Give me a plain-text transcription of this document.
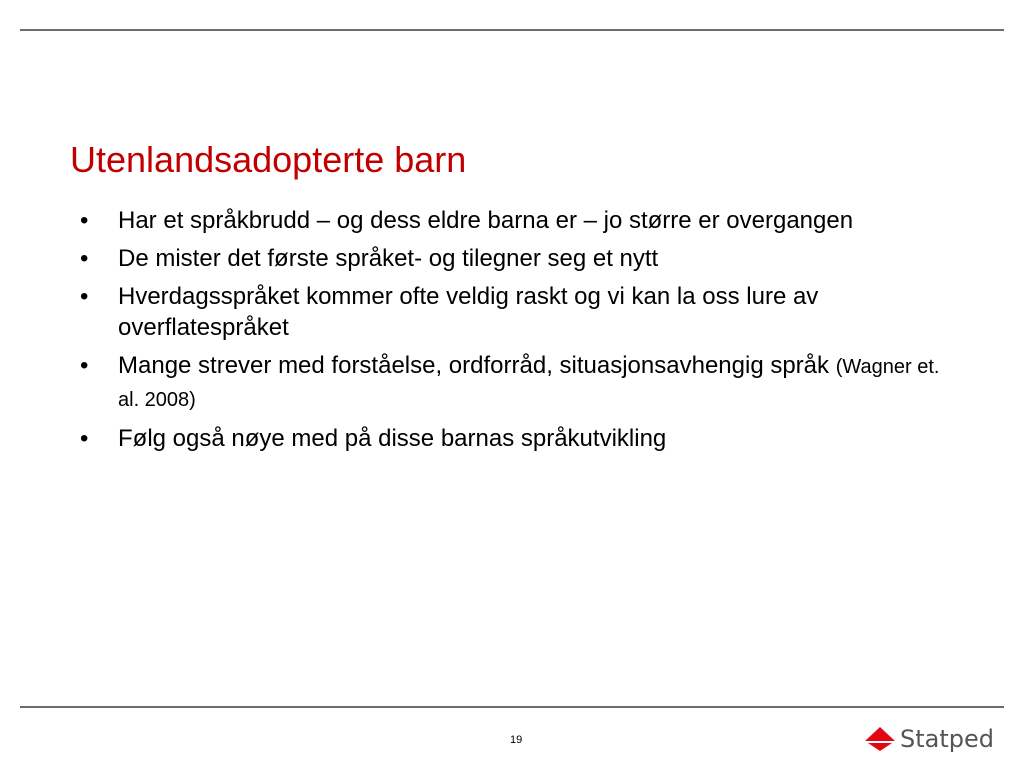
Utenlandsadopterte barn
• Har et språkbrudd – og dess eldre barna er – jo større er overgangen
• De mister det første språket- og tilegner seg et nytt
• Hverdagsspråket kommer ofte veldig raskt og vi kan la oss lure av overflatespråket
• Mange strever med forståelse, ordforråd, situasjonsavhengig språk (Wagner et. al. 2008)
• Følg også nøye med på disse barnas språkutvikling
19	Statped
